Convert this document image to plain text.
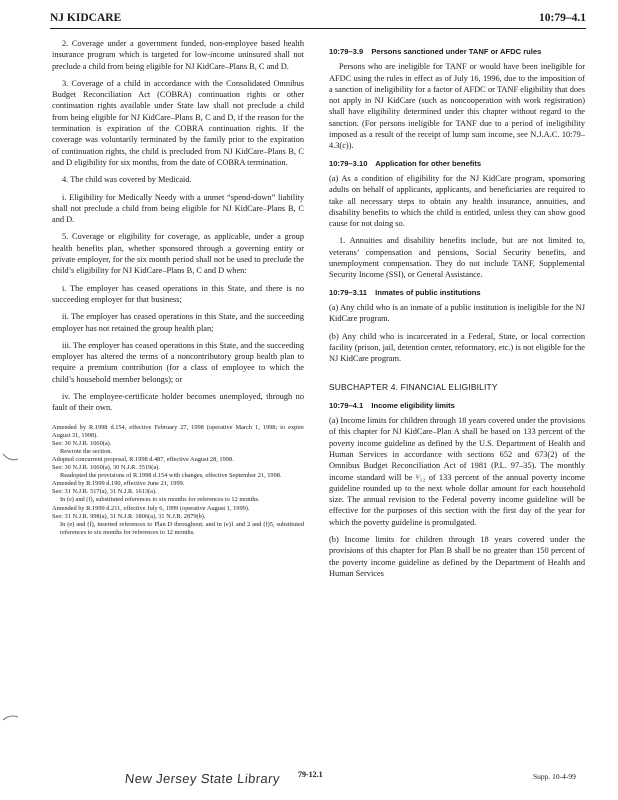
NJ KIDCARE	10:79–4.1

2. Coverage under a government funded, non-employee based health insurance program which is targeted for low-income uninsured shall not preclude a child from being eligible for NJ KidCare–Plans B, C and D.

3. Coverage of a child in accordance with the Consolidated Omnibus Budget Reconciliation Act (COBRA) continuation rights or other continuation rights available under State law shall not preclude a child from being eligible for NJ KidCare–Plans B, C and D, if the reason for the termination is expiration of the COBRA continuation rights. If the coverage was voluntarily terminated by the family prior to the expiration of continuation rights, the child is precluded from NJ KidCare–Plans B, C and D eligibility for six months, from the date of COBRA termination.

4. The child was covered by Medicaid.

i. Eligibility for Medically Needy with a unmet “spend-down” liability shall not preclude a child from being eligible for NJ KidCare–Plans B, C and D.

5. Coverage or eligibility for coverage, as applicable, under a group health benefits plan, whether sponsored through a governing entity or private employer, for the six month period shall not be used to preclude the child’s eligibility for NJ KidCare–Plans B, C and D when:

i. The employer has ceased operations in this State, and there is no succeeding employer for that business;

ii. The employer has ceased operations in this State, and the succeeding employer has not retained the group health plan;

iii. The employer has ceased operations in this State, and the succeeding employer has altered the terms of a noncontributory group health plan to require a premium contribution (for a class of employee to which the child’s household member belongs); or

iv. The employee-certificate holder becomes unemployed, through no fault of their own.

Amended by R.1998 d.154, effective February 27, 1998 (operative March 1, 1998; to expire August 31, 1998).
See: 30 N.J.R. 1060(a).
Rewrote the section.
Adopted concurrent proposal, R.1998 d.487, effective August 28, 1998.
See: 30 N.J.R. 1060(a), 30 N.J.R. 3519(a).
Readopted the provisions of R.1998 d.154 with changes, effective September 21, 1998.
Amended by R.1999 d.190, effective June 21, 1999.
See: 31 N.J.R. 517(a), 31 N.J.R. 1613(a).
In (e) and (f), substituted references to six months for references to 12 months.
Amended by R.1999 d.211, effective July 6, 1999 (operative August 1, 1999).
See: 31 N.J.R. 998(a), 31 N.J.R. 1806(a), 31 N.J.R. 2879(b).
In (e) and (f), inserted references to Plan D throughout; and in (e)1 and 2 and (f)5, substituted references to six months for references to 12 months.
10:79–3.9 Persons sanctioned under TANF or AFDC rules

Persons who are ineligible for TANF or would have been ineligible for AFDC using the rules in effect as of July 16, 1996, due to the imposition of a sanction of ineligibility for a factor of AFDC or TANF eligibility that does not apply in NJ KidCare (such as noncooperation with work registration) shall have eligibility determined under this chapter without regard to the sanction. (For persons ineligible for TANF due to a period of ineligibility imposed as a result of the receipt of lump sum income, see N.J.A.C. 10:79–4.3(c)).

10:79–3.10 Application for other benefits

(a) As a condition of eligibility for the NJ KidCare program, sponsoring adults on behalf of applicants, applicants, and beneficiaries are required to take all necessary steps to obtain any health insurance, annuities, and disability benefits to which the child is entitled, unless they can show good cause for not doing so.

1. Annuities and disability benefits include, but are not limited to, veterans’ compensation and pensions, Social Security benefits, and unemployment compensation. They do not include TANF, Supplemental Security Income (SSI), or General Assistance.

10:79–3.11 Inmates of public institutions

(a) Any child who is an inmate of a public institution is ineligible for the NJ KidCare program.

(b) Any child who is incarcerated in a Federal, State, or local correction facility (prison, jail, detention center, reformatory, etc.) is not eligible for the NJ KidCare program.

SUBCHAPTER 4. FINANCIAL ELIGIBILITY
10:79–4.1 Income eligibility limits

(a) Income limits for children through 18 years covered under the provisions of this chapter for NJ KidCare–Plan A shall be based on 133 percent of the poverty income guideline as defined by the U.S. Department of Health and Human Services in accordance with sections 652 and 673(2) of the Omnibus Budget Reconciliation Act of 1981 (P.L. 97–35). The monthly income standard will be ¹⁄₁₂ of 133 percent of the annual poverty income guideline rounded up to the next whole dollar amount for each household size. The annual revision to the Federal poverty income guideline will be effective for the purposes of this section with the first day of the year for which the poverty guideline is promulgated.

(b) Income limits for children through 18 years covered under the provisions of this chapter for Plan B shall be no greater than 150 percent of the poverty income guideline as defined by the Department of Health and Human Services

New Jersey State Library 79-12.1	Supp. 10-4-99
